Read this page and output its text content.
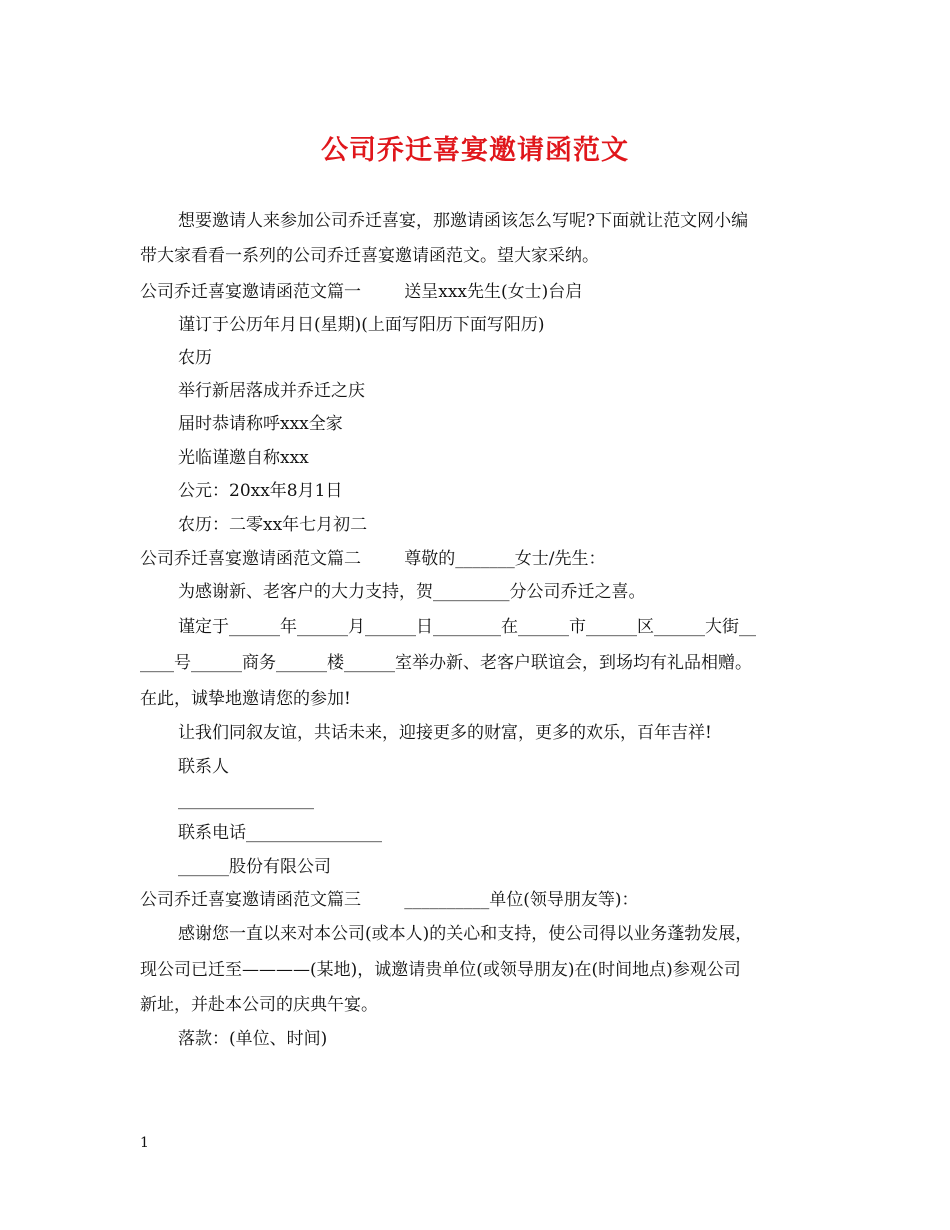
公司乔迁喜宴邀请函范文
想要邀请人来参加公司乔迁喜宴，那邀请函该怎么写呢?下面就让范文网小编
带大家看看一系列的公司乔迁喜宴邀请函范文。望大家采纳。
公司乔迁喜宴邀请函范文篇一        送呈xxx先生(女士)台启
谨订于公历年月日(星期)(上面写阳历下面写阳历)
农历
举行新居落成并乔迁之庆
届时恭请称呼xxx全家
光临谨邀自称xxx
公元：20xx年8月1日
农历：二零xx年七月初二
公司乔迁喜宴邀请函范文篇二        尊敬的_______女士/先生：
为感谢新、老客户的大力支持，贺_________分公司乔迁之喜。
谨定于______年______月______日________在______市______区______大街__
____号______商务______楼______室举办新、老客户联谊会，到场均有礼品相赠。
在此，诚挚地邀请您的参加!
让我们同叙友谊，共话未来，迎接更多的财富，更多的欢乐，百年吉祥!
联系人
________________
联系电话________________
______股份有限公司
公司乔迁喜宴邀请函范文篇三        __________单位(领导朋友等)：
感谢您一直以来对本公司(或本人)的关心和支持，使公司得以业务蓬勃发展，
现公司已迁至————(某地)，诚邀请贵单位(或领导朋友)在(时间地点)参观公司
新址，并赴本公司的庆典午宴。
落款：(单位、时间)
1
